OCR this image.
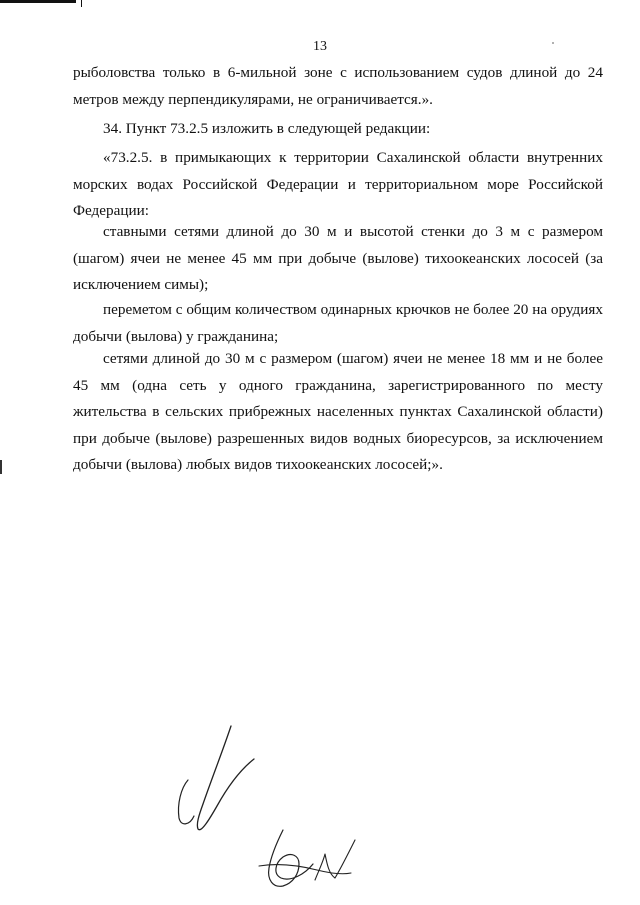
13
рыболовства только в 6-мильной зоне с использованием судов длиной до 24 метров между перпендикулярами, не ограничивается.».
34. Пункт 73.2.5 изложить в следующей редакции:
«73.2.5. в примыкающих к территории Сахалинской области внутренних морских водах Российской Федерации и территориальном море Российской Федерации:
ставными сетями длиной до 30 м и высотой стенки до 3 м с размером (шагом) ячеи не менее 45 мм при добыче (вылове) тихоокеанских лососей (за исключением симы);
переметом с общим количеством одинарных крючков не более 20 на орудиях добычи (вылова) у гражданина;
сетями длиной до 30 м с размером (шагом) ячеи не менее 18 мм и не более 45 мм (одна сеть у одного гражданина, зарегистрированного по месту жительства в сельских прибрежных населенных пунктах Сахалинской области) при добыче (вылове) разрешенных видов водных биоресурсов, за исключением добычи (вылова) любых видов тихоокеанских лососей;».
